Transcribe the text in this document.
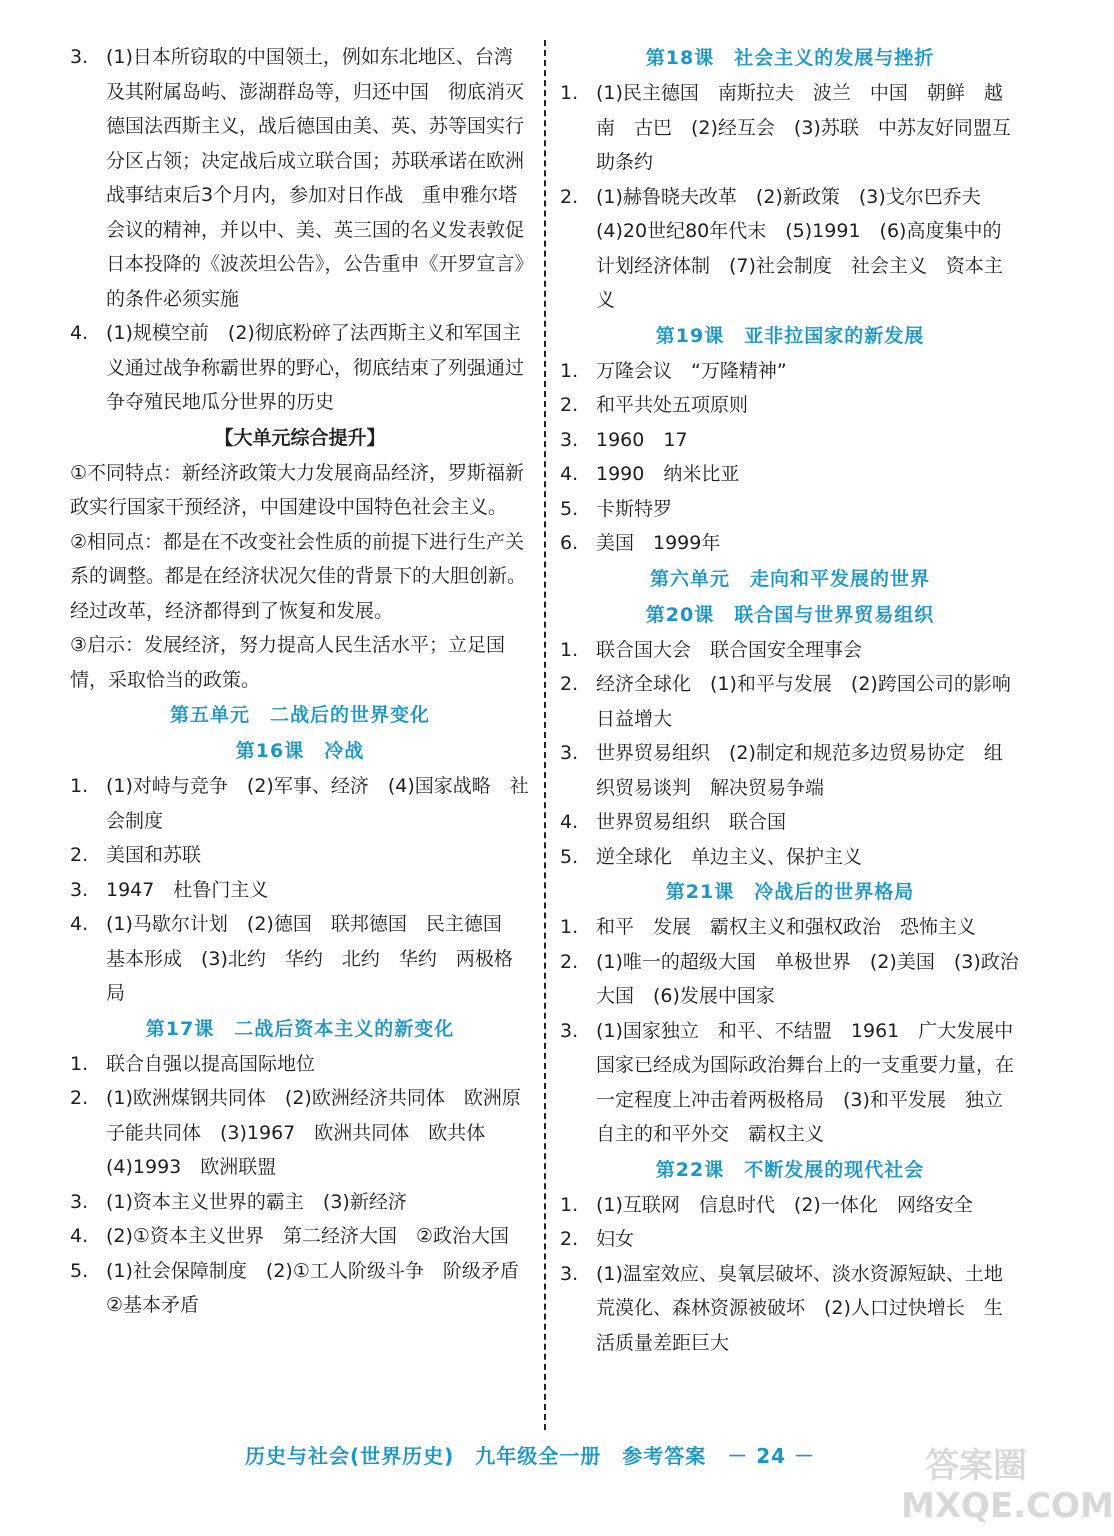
3. (1)日本所窃取的中国领土，例如东北地区、台湾及其附属岛屿、澎湖群岛等，归还中国　彻底消灭德国法西斯主义，战后德国由美、英、苏等国实行分区占领；决定战后成立联合国；苏联承诺在欧洲战事结束后3个月内，参加对日作战　重申雅尔塔会议的精神，并以中、美、英三国的名义发表敦促日本投降的《波茨坦公告》，公告重申《开罗宣言》的条件必须实施
4. (1)规模空前　(2)彻底粉碎了法西斯主义和军国主义通过战争称霸世界的野心，彻底结束了列强通过争夺殖民地瓜分世界的历史
【大单元综合提升】
①不同特点：新经济政策大力发展商品经济，罗斯福新政实行国家干预经济，中国建设中国特色社会主义。
②相同点：都是在不改变社会性质的前提下进行生产关系的调整。都是在经济状况欠佳的背景下的大胆创新。经过改革，经济都得到了恢复和发展。
③启示：发展经济，努力提高人民生活水平；立足国情，采取恰当的政策。
第五单元　二战后的世界变化
第16课　冷战
1. (1)对峙与竞争　(2)军事、经济　(4)国家战略　社会制度
2. 美国和苏联
3. 1947　杜鲁门主义
4. (1)马歇尔计划　(2)德国　联邦德国　民主德国　基本形成　(3)北约　华约　北约　华约　两极格局
第17课　二战后资本主义的新变化
1. 联合自强以提高国际地位
2. (1)欧洲煤钢共同体　(2)欧洲经济共同体　欧洲原子能共同体　(3)1967　欧洲共同体　欧共体　(4)1993　欧洲联盟
3. (1)资本主义世界的霸主　(3)新经济
4. (2)①资本主义世界　第二经济大国　②政治大国
5. (1)社会保障制度　(2)①工人阶级斗争　阶级矛盾　②基本矛盾
第18课　社会主义的发展与挫折
1. (1)民主德国　南斯拉夫　波兰　中国　朝鲜　越南　古巴　(2)经互会　(3)苏联　中苏友好同盟互助条约
2. (1)赫鲁晓夫改革　(2)新政策　(3)戈尔巴乔夫　(4)20世纪80年代末　(5)1991　(6)高度集中的计划经济体制　(7)社会制度　社会主义　资本主义
第19课　亚非拉国家的新发展
1. 万隆会议　“万隆精神”
2. 和平共处五项原则
3. 1960　17
4. 1990　纳米比亚
5. 卡斯特罗
6. 美国　1999年
第六单元　走向和平发展的世界
第20课　联合国与世界贸易组织
1. 联合国大会　联合国安全理事会
2. 经济全球化　(1)和平与发展　(2)跨国公司的影响日益增大
3. 世界贸易组织　(2)制定和规范多边贸易协定　组织贸易谈判　解决贸易争端
4. 世界贸易组织　联合国
5. 逆全球化　单边主义、保护主义
第21课　冷战后的世界格局
1. 和平　发展　霸权主义和强权政治　恐怖主义
2. (1)唯一的超级大国　单极世界　(2)美国　(3)政治大国　(6)发展中国家
3. (1)国家独立　和平、不结盟　1961　广大发展中国家已经成为国际政治舞台上的一支重要力量，在一定程度上冲击着两极格局　(3)和平发展　独立自主的和平外交　霸权主义
第22课　不断发展的现代社会
1. (1)互联网　信息时代　(2)一体化　网络安全
2. 妇女
3. (1)温室效应、臭氧层破坏、淡水资源短缺、土地荒漠化、森林资源被破坏　(2)人口过快增长　生活质量差距巨大
历史与社会(世界历史)　九年级全一册　参考答案　－ 24 －	答案圈 MXQE.COM
